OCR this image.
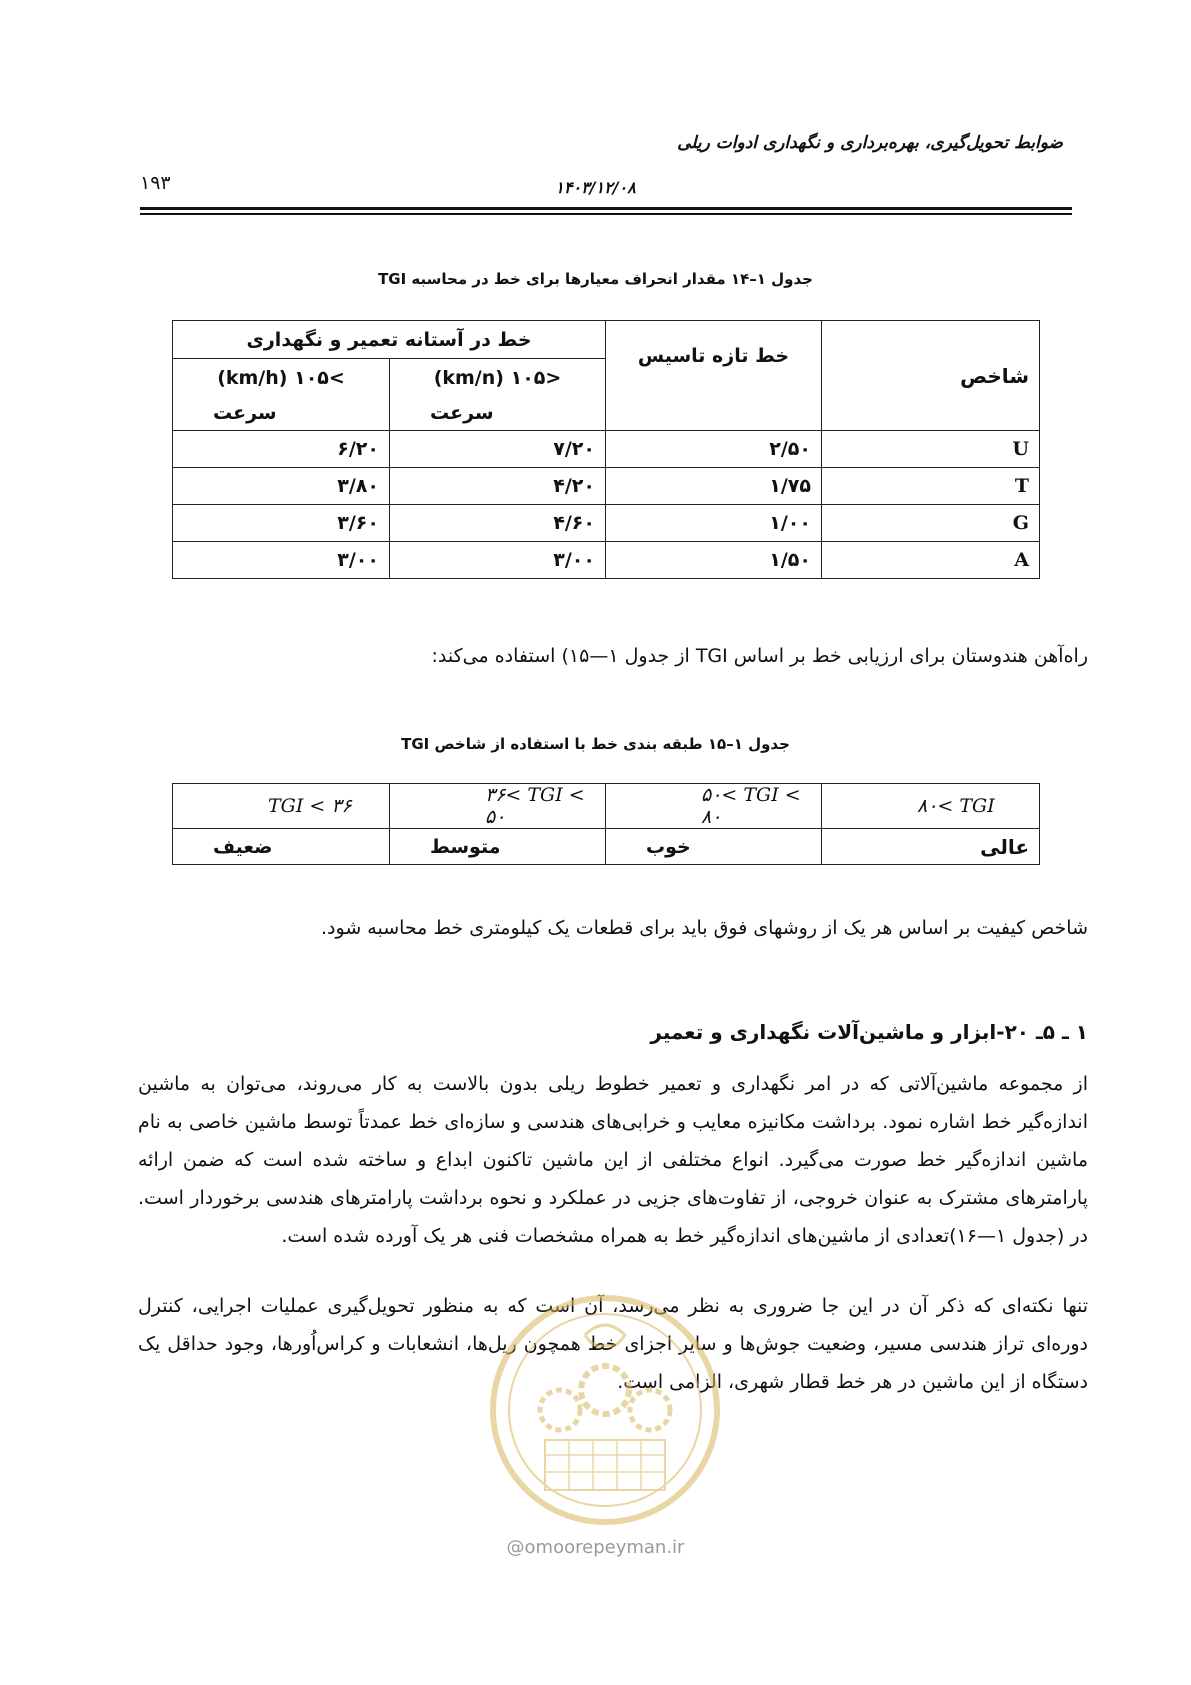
ضوابط تحویل‌گیری، بهره‌برداری و نگهداری ادوات ریلی
۱۹۳	۱۴۰۳/۱۲/۰۸
جدول ۱–۱۴ مقدار انحراف معیارها برای خط در محاسبه TGI
شاخص	خط تازه تاسیس	خط در آستانه تعمیر و نگهداری	
		<۱۰۵ (km/n)	>۱۰۵ (km/h)
		سرعت	سرعت
U	۲/۵۰	۷/۲۰	۶/۲۰
T	۱/۷۵	۴/۲۰	۳/۸۰
G	۱/۰۰	۴/۶۰	۳/۶۰
A	۱/۵۰	۳/۰۰	۳/۰۰
راه‌آهن هندوستان برای ارزیابی خط بر اساس TGI از جدول ۱—۱۵) استفاده می‌کند:
جدول ۱–۱۵ طبقه بندی خط با استفاده از شاخص TGI
۸۰< TGI	۵۰< TGI < ۸۰	۳۶< TGI < ۵۰	TGI < ۳۶
عالی	خوب	متوسط	ضعیف
شاخص کیفیت بر اساس هر یک از روشهای فوق باید برای قطعات یک کیلومتری خط محاسبه شود.
۱ ـ ۵ـ ۲۰-ابزار و ماشین‌آلات نگهداری و تعمیر
از مجموعه ماشین‌آلاتی که در امر نگهداری و تعمیر خطوط ریلی بدون بالاست به کار می‌روند، می‌توان به ماشین اندازه‌گیر خط اشاره نمود. برداشت مکانیزه معایب و خرابی‌های هندسی و سازه‌ای خط عمدتاً توسط ماشین خاصی به نام ماشین اندازه‌گیر خط صورت می‌گیرد. انواع مختلفی از این ماشین تاکنون ابداع و ساخته شده است که ضمن ارائه پارامترهای مشترک به عنوان خروجی، از تفاوت‌های جزیی در عملکرد و نحوه برداشت پارامترهای هندسی برخوردار است. در (جدول ۱—۱۶)تعدادی از ماشین‌های اندازه‌گیر خط به همراه مشخصات فنی هر یک آورده شده است.
تنها نکته‌ای که ذکر آن در این جا ضروری به نظر می‌رسد، آن است که به منظور تحویل‌گیری عملیات اجرایی، کنترل دوره‌ای تراز هندسی مسیر، وضعیت جوش‌ها و سایر اجزای خط همچون ریل‌ها، انشعابات و کراس‌اُورها، وجود حداقل یک دستگاه از این ماشین در هر خط قطار شهری، الزامی است.
@omoorepeyman.ir
